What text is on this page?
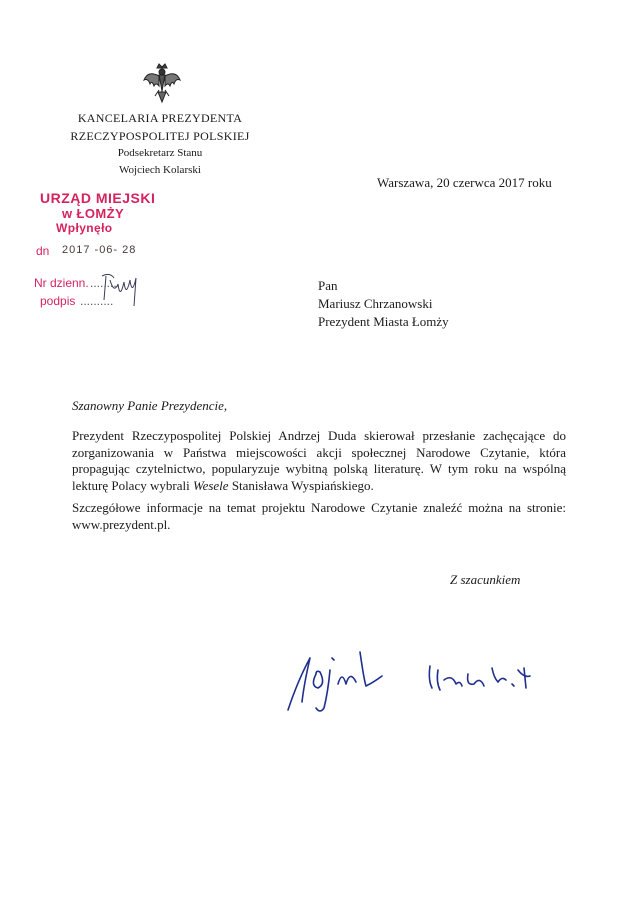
KANCELARIA PREZYDENTA
RZECZYPOSPOLITEJ POLSKIEJ
Podsekretarz Stanu
Wojciech Kolarski
Warszawa, 20 czerwca 2017 roku
URZĄD MIEJSKI
w ŁOMŻY
Wpłynęło
dn 2017 -06- 28
Nr dzienn. .........
podpis ..........
Pan
Mariusz Chrzanowski
Prezydent Miasta Łomży
Szanowny Panie Prezydencie,
Prezydent Rzeczypospolitej Polskiej Andrzej Duda skierował przesłanie zachęcające do zorganizowania w Państwa miejscowości akcji społecznej Narodowe Czytanie, która propagując czytelnictwo, popularyzuje wybitną polską literaturę. W tym roku na wspólną lekturę Polacy wybrali Wesele Stanisława Wyspiańskiego.
Szczegółowe informacje na temat projektu Narodowe Czytanie znaleźć można na stronie: www.prezydent.pl.
Z szacunkiem
